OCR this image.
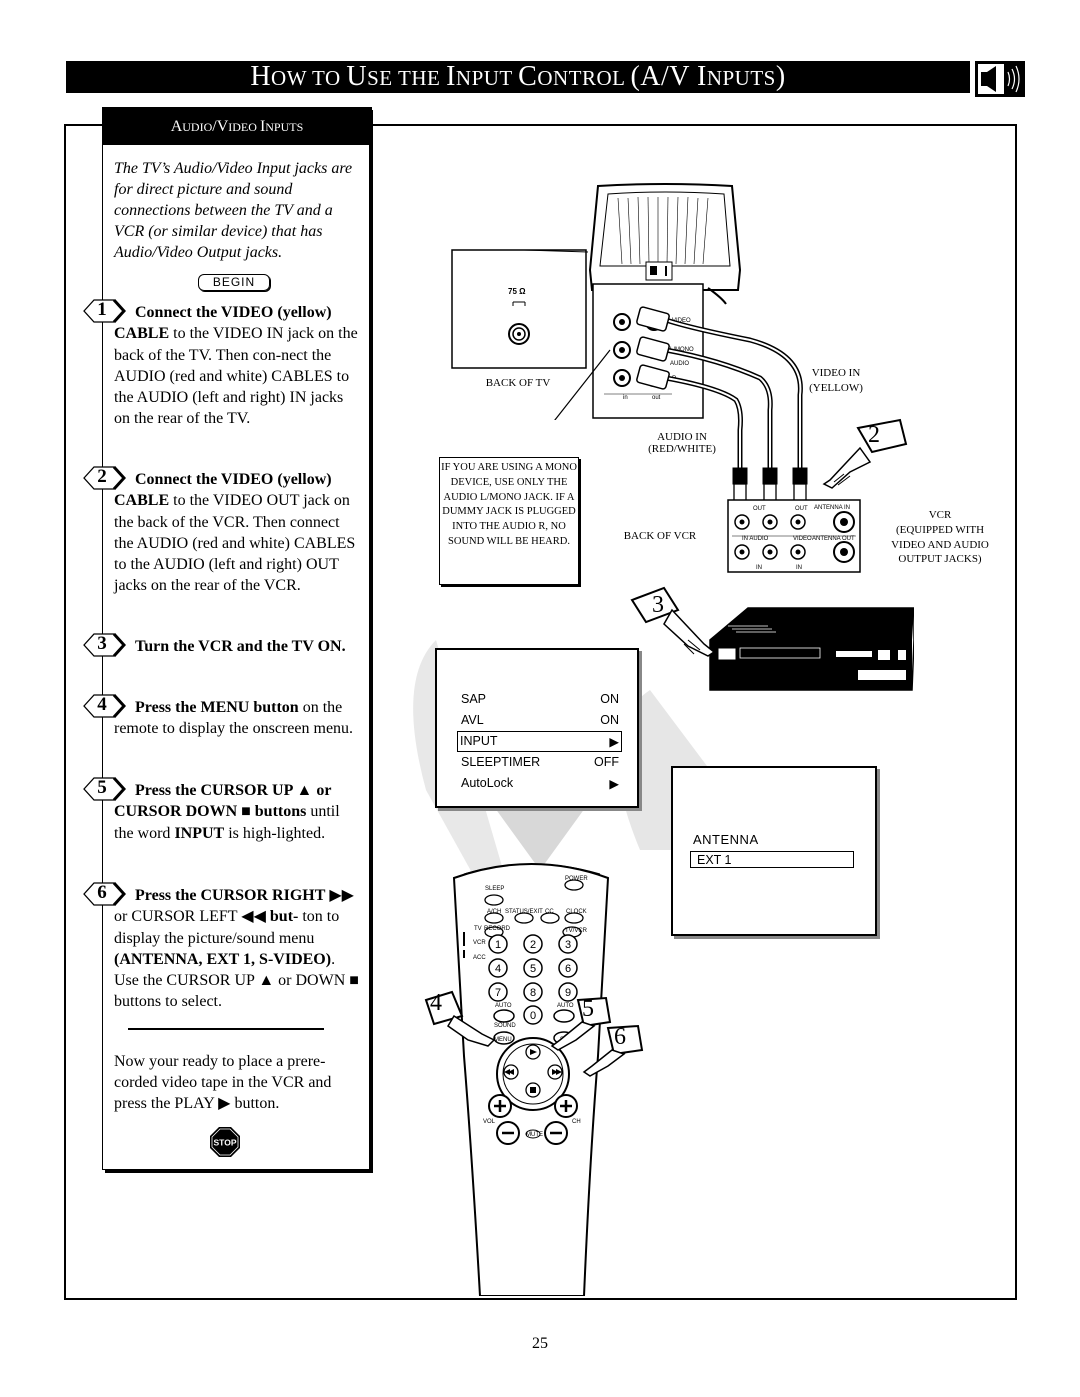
HOW TO USE THE INPUT CONTROL (A/V INPUTS)
AUDIO/VIDEO INPUTS
The TV’s Audio/Video Input jacks are for direct picture and sound connections between the TV and a VCR (or similar device) that has Audio/Video Output jacks.
BEGIN
1	Connect the VIDEO (yellow) CABLE to the VIDEO IN jack on the back of the TV. Then con-nect the AUDIO (red and white) CABLES to the AUDIO (left and right) IN jacks on the rear of the TV.
2	Connect the VIDEO (yellow) CABLE to the VIDEO OUT jack on the back of the VCR. Then connect the AUDIO (red and white) CABLES to the AUDIO (left and right) OUT jacks on the rear of the VCR.
3	Turn the VCR and the TV ON.
4	Press the MENU button on the remote to display the onscreen menu.
5	Press the CURSOR UP ▲ or CURSOR DOWN ■ buttons until the word INPUT is high-lighted.
6	Press the CURSOR RIGHT ▶▶ or CURSOR LEFT ◀◀ but- ton to display the picture/sound menu (ANTENNA, EXT 1, S-VIDEO). Use the CURSOR UP ▲ or DOWN ■ buttons to select.
Now your ready to place a prere-corded video tape in the VCR and press the PLAY ▶ button.
STOP
75 Ω
BACK OF TV
VIDEO
L/MONO
AUDIO
R
in	out
VIDEO IN
(YELLOW)
AUDIO IN
(RED/WHITE)
IF YOU ARE USING A MONO DEVICE, USE ONLY THE AUDIO L/MONO JACK. IF A DUMMY JACK IS PLUGGED INTO THE AUDIO R, NO SOUND WILL BE HEARD.
OUT	OUT ANTENNA IN
IN AUDIO	VIDEO ANTENNA OUT
IN	IN
BACK OF VCR
VCR
(EQUIPPED WITH VIDEO AND AUDIO OUTPUT JACKS)
2
3
SAP	ON
AVL	ON
INPUT	▶
SLEEPTIMER	OFF
AutoLock	▶
ANTENNA
EXT 1
1	2	3
4	5	6
7	8	9
0
POWER
SLEEP
A/CH STATUS/EXIT CC CLOCK
TV RECORD	TV/VCR
VCR
ACC
AUTO	AUTO
SOUND
MENU
VOL	CH
MUTE
4	5
6
25
